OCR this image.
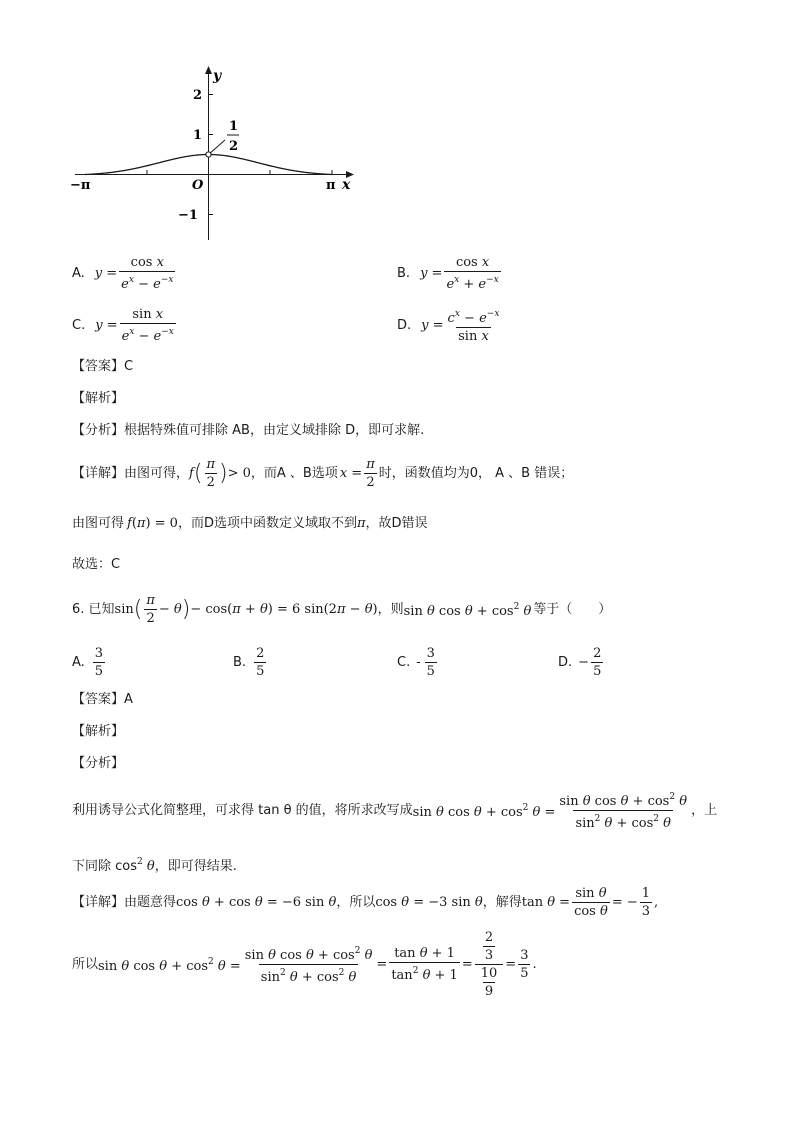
y
x
O
2
1
−1
−π	π
1
2
A. $y = \frac{\text{cos x}}{e^x - e^{-x}}$	B. $y = \frac{\text{cos x}}{e^x + e^{-x}}$
C. $y = \frac{\text{sin x}}{e^x - e^{-x}}$	D. $y = \frac{c^x - e^{-x}}{\text{sin x}}$
【答案】C
【解析】
【分析】根据特殊值可排除 AB，由定义域排除 D，即可求解.
【详解】 由图可得， f ( $\frac{\pi}{2}$ ) > 0 ，而A 、B选项 $x = \frac{\pi}{2}$ 时，函数值均为0， A 、B 错误；
由图可得 f (π) = 0 ，而D选项中函数定义域取不到 π ，故D错误
故选：C
6. 已知 sin ( $\frac{\pi}{2} - \theta$ ) − cos(π + θ) = 6 sin(2π − θ) ，则 sin θ $\cos \theta + \cos^2 \theta$ 等于（　　）
A. $\frac{3}{5}$	B. $\frac{2}{5}$	C. - $\frac{3}{5}$	D. − $\frac{2}{5}$
【答案】A
【解析】
【分析】
利用诱导公式化简整理，可求得 tan θ 的值，将所求改写成 sin θ $\cos \theta + \cos^2 \theta = \frac{\sin \theta \cos \theta + \cos^2 \theta}{\sin^2 \theta + \cos^2 \theta}$ ，上
下同除 $\cos^2 \theta$，即可得结果.
【详解】 由题意得 cos θ + cos θ = −6 sin θ ，所以 cos θ = −3 sin θ ，解得 $\tan \theta = \frac{\text{sin θ}}{\text{cos θ}}$ = − $\frac{1}{3}$ ,
所以 sin θ $\cos \theta + \cos^2 \theta = \frac{\sin \theta \cos \theta + \cos^2 \theta}{\sin^2 \theta + \cos^2 \theta} = \frac{\text{tan θ + 1}}{\tan^2 \theta + 1} = \frac{\frac{2}{3}}{\frac{10}{9}} = \frac{3}{5}$ .
